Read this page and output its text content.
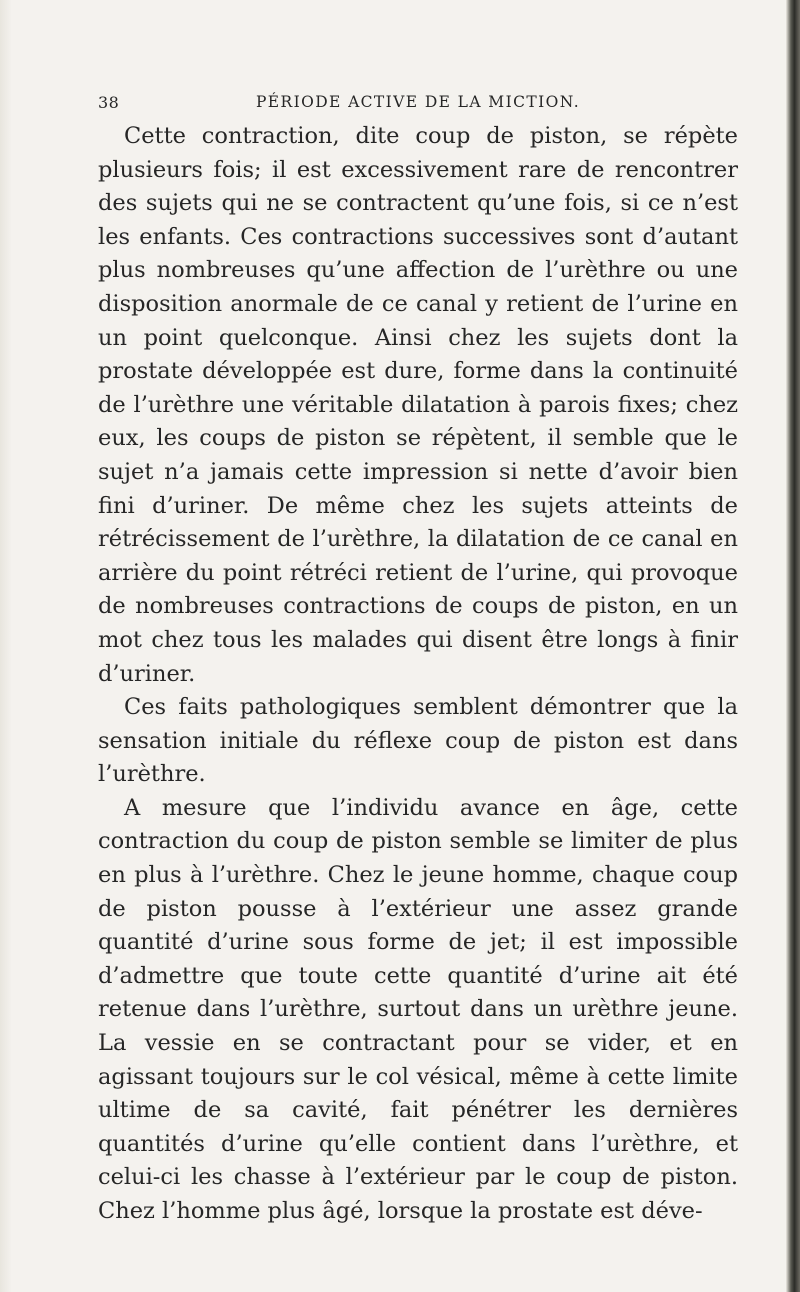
38	PÉRIODE ACTIVE DE LA MICTION.

Cette contraction, dite coup de piston, se répète plusieurs fois; il est excessivement rare de rencontrer des sujets qui ne se contractent qu’une fois, si ce n’est les enfants. Ces contractions successives sont d’autant plus nombreuses qu’une affection de l’urèthre ou une disposition anormale de ce canal y retient de l’urine en un point quelconque. Ainsi chez les sujets dont la prostate développée est dure, forme dans la continuité de l’urèthre une véritable dilatation à parois fixes; chez eux, les coups de piston se répètent, il semble que le sujet n’a jamais cette impression si nette d’avoir bien fini d’uriner. De même chez les sujets atteints de rétrécissement de l’urèthre, la dilatation de ce canal en arrière du point rétréci retient de l’urine, qui provoque de nombreuses contractions de coups de piston, en un mot chez tous les malades qui disent être longs à finir d’uriner.

Ces faits pathologiques semblent démontrer que la sensation initiale du réflexe coup de piston est dans l’urèthre.

A mesure que l’individu avance en âge, cette contraction du coup de piston semble se limiter de plus en plus à l’urèthre. Chez le jeune homme, chaque coup de piston pousse à l’extérieur une assez grande quantité d’urine sous forme de jet; il est impossible d’admettre que toute cette quantité d’urine ait été retenue dans l’urèthre, surtout dans un urèthre jeune. La vessie en se contractant pour se vider, et en agissant toujours sur le col vésical, même à cette limite ultime de sa cavité, fait pénétrer les dernières quantités d’urine qu’elle contient dans l’urèthre, et celui-ci les chasse à l’extérieur par le coup de piston. Chez l’homme plus âgé, lorsque la prostate est déve-
